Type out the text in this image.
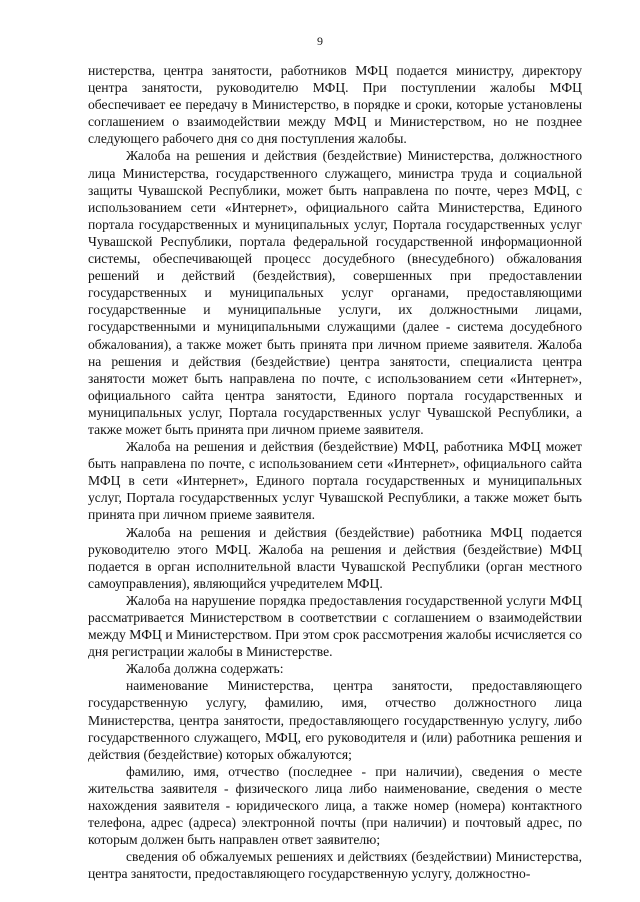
9

нистерства, центра занятости, работников МФЦ подается министру, директору центра занятости, руководителю МФЦ. При поступлении жалобы МФЦ обеспечивает ее передачу в Министерство, в порядке и сроки, которые установлены соглашением о взаимодействии между МФЦ и Министерством, но не позднее следующего рабочего дня со дня поступления жалобы.

Жалоба на решения и действия (бездействие) Министерства, должностного лица Министерства, государственного служащего, министра труда и социальной защиты Чувашской Республики, может быть направлена по почте, через МФЦ, с использованием сети «Интернет», официального сайта Министерства, Единого портала государственных и муниципальных услуг, Портала государственных услуг Чувашской Республики, портала федеральной государственной информационной системы, обеспечивающей процесс досудебного (внесудебного) обжалования решений и действий (бездействия), совершенных при предоставлении государственных и муниципальных услуг органами, предоставляющими государственные и муниципальные услуги, их должностными лицами, государственными и муниципальными служащими (далее - система досудебного обжалования), а также может быть принята при личном приеме заявителя. Жалоба на решения и действия (бездействие) центра занятости, специалиста центра занятости может быть направлена по почте, с использованием сети «Интернет», официального сайта центра занятости, Единого портала государственных и муниципальных услуг, Портала государственных услуг Чувашской Республики, а также может быть принята при личном приеме заявителя.

Жалоба на решения и действия (бездействие) МФЦ, работника МФЦ может быть направлена по почте, с использованием сети «Интернет», официального сайта МФЦ в сети «Интернет», Единого портала государственных и муниципальных услуг, Портала государственных услуг Чувашской Республики, а также может быть принята при личном приеме заявителя.

Жалоба на решения и действия (бездействие) работника МФЦ подается руководителю этого МФЦ. Жалоба на решения и действия (бездействие) МФЦ подается в орган исполнительной власти Чувашской Республики (орган местного самоуправления), являющийся учредителем МФЦ.

Жалоба на нарушение порядка предоставления государственной услуги МФЦ рассматривается Министерством в соответствии с соглашением о взаимодействии между МФЦ и Министерством. При этом срок рассмотрения жалобы исчисляется со дня регистрации жалобы в Министерстве.

Жалоба должна содержать:

наименование Министерства, центра занятости, предоставляющего государственную услугу, фамилию, имя, отчество должностного лица Министерства, центра занятости, предоставляющего государственную услугу, либо государственного служащего, МФЦ, его руководителя и (или) работника решения и действия (бездействие) которых обжалуются;

фамилию, имя, отчество (последнее - при наличии), сведения о месте жительства заявителя - физического лица либо наименование, сведения о месте нахождения заявителя - юридического лица, а также номер (номера) контактного телефона, адрес (адреса) электронной почты (при наличии) и почтовый адрес, по которым должен быть направлен ответ заявителю;

сведения об обжалуемых решениях и действиях (бездействии) Министерства, центра занятости, предоставляющего государственную услугу, должностно-
